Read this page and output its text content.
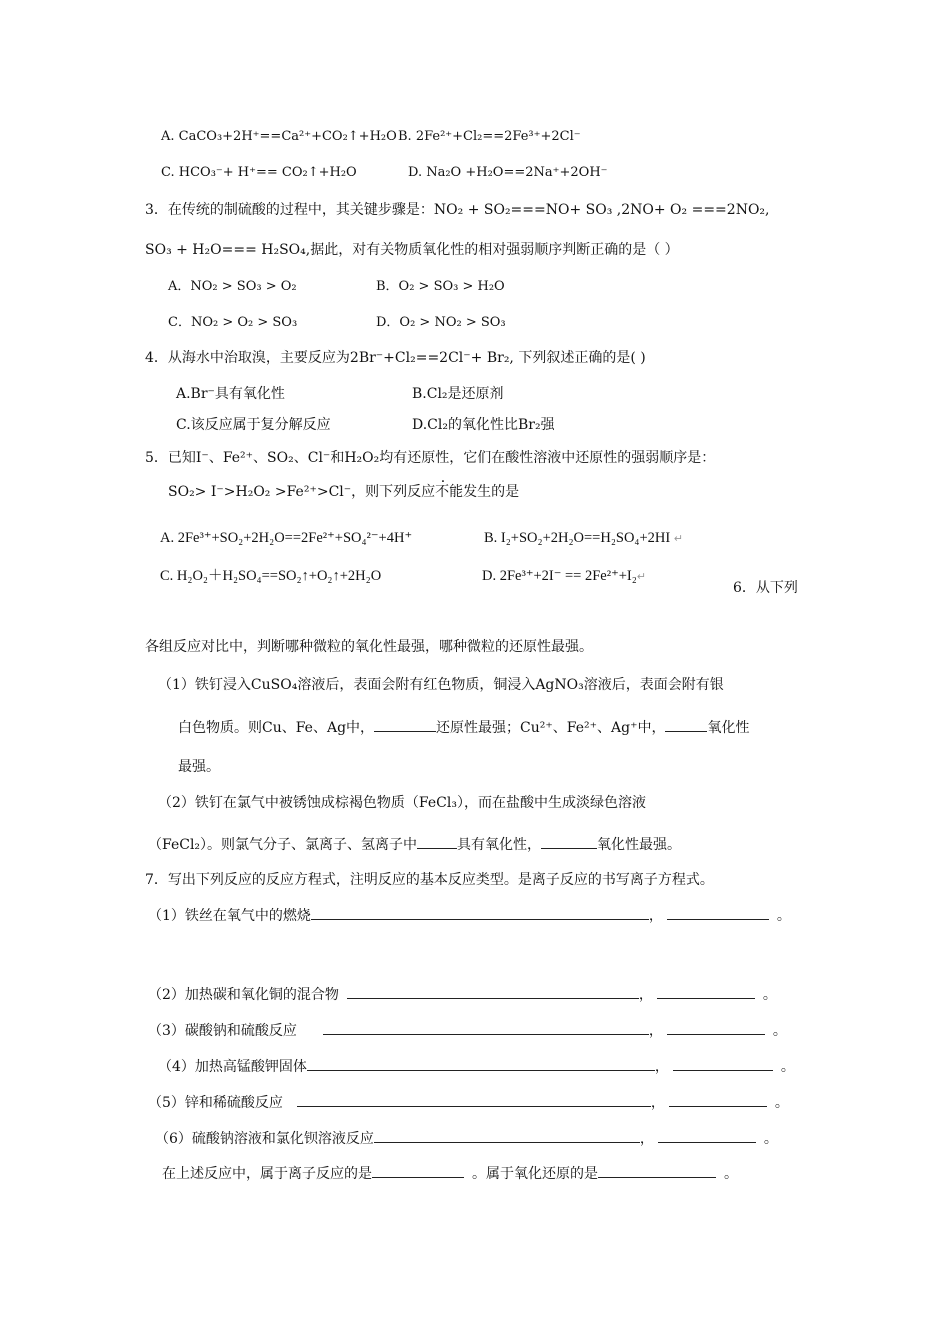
A. CaCO₃+2H⁺==Ca²⁺+CO₂↑+H₂O B. 2Fe²⁺+Cl₂==2Fe³⁺+2Cl⁻
C. HCO₃⁻+ H⁺== CO₂↑+H₂O	D. Na₂O +H₂O==2Na⁺+2OH⁻
3．在传统的制硫酸的过程中，其关键步骤是：NO₂ + SO₂===NO+ SO₃ ,2NO+ O₂ ===2NO₂,
SO₃ + H₂O=== H₂SO₄,据此，对有关物质氧化性的相对强弱顺序判断正确的是（ ）
A．NO₂ > SO₃ > O₂	B．O₂ > SO₃ > H₂O
C．NO₂ > O₂ > SO₃	D．O₂ > NO₂ > SO₃
4．从海水中治取溴，主要反应为2Br⁻+Cl₂==2Cl⁻+ Br₂, 下列叙述正确的是( )
A.Br⁻具有氧化性	B.Cl₂是还原剂
C.该反应属于复分解反应	D.Cl₂的氧化性比Br₂强
5．已知I⁻、Fe²⁺、SO₂、Cl⁻和H₂O₂均有还原性，它们在酸性溶液中还原性的强弱顺序是：
SO₂> I⁻>H₂O₂ >Fe²⁺>Cl⁻，则下列反应不能发生的是
A. 2Fe³⁺+SO₂+2H₂O==2Fe²⁺+SO₄²⁻+4H⁺	B. I₂+SO₂+2H₂O==H₂SO₄+2HI ↵
C. H₂O₂＋H₂SO₄==SO₂↑+O₂↑+2H₂O	D. 2Fe³⁺+2I⁻ == 2Fe²⁺+I₂↵
6．从下列
各组反应对比中，判断哪种微粒的氧化性最强，哪种微粒的还原性最强。
（1）铁钉浸入CuSO₄溶液后，表面会附有红色物质，铜浸入AgNO₃溶液后，表面会附有银
白色物质。则Cu、Fe、Ag中，	还原性最强；Cu²⁺、Fe²⁺、Ag⁺中，	氧化性
最强。
（2）铁钉在氯气中被锈蚀成棕褐色物质（FeCl₃），而在盐酸中生成淡绿色溶液
（FeCl₂）。则氯气分子、氯离子、氢离子中	具有氧化性，	氧化性最强。
7．写出下列反应的反应方程式，注明反应的基本反应类型。是离子反应的书写离子方程式。
（1）铁丝在氧气中的燃烧	，	。
（2）加热碳和氧化铜的混合物	，	。
（3）碳酸钠和硫酸反应	，	。
（4）加热高锰酸钾固体	，	。
（5）锌和稀硫酸反应	，	。
（6）硫酸钠溶液和氯化钡溶液反应	，	。
在上述反应中，属于离子反应的是	。属于氧化还原的是	。
